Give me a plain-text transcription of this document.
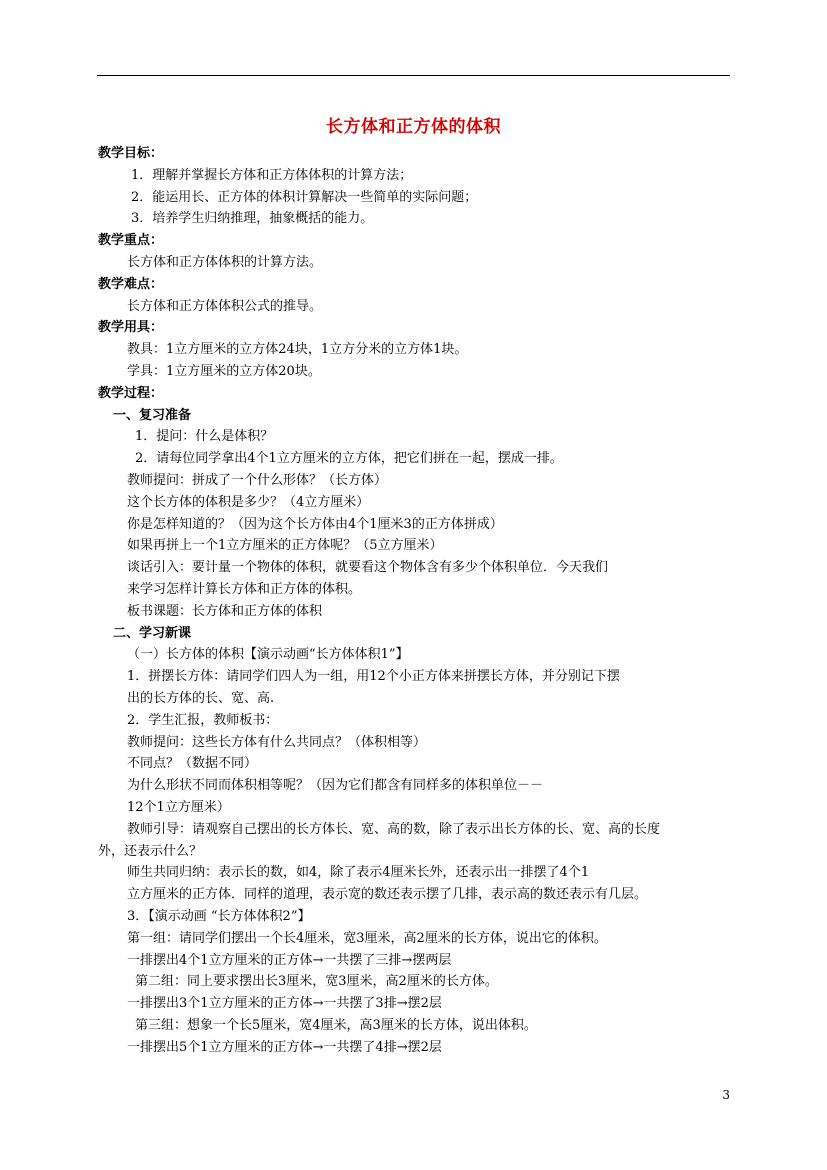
长方体和正方体的体积
教学目标：
1．理解并掌握长方体和正方体体积的计算方法；
2．能运用长、正方体的体积计算解决一些简单的实际问题；
3．培养学生归纳推理，抽象概括的能力。
教学重点：
长方体和正方体体积的计算方法。
教学难点：
长方体和正方体体积公式的推导。
教学用具：
教具：1立方厘米的立方体24块，1立方分米的立方体1块。
学具：1立方厘米的立方体20块。
教学过程：
一、复习准备
1．提问：什么是体积？
2．请每位同学拿出4个1立方厘米的立方体，把它们拼在一起，摆成一排。
教师提问：拼成了一个什么形体？（长方体）
这个长方体的体积是多少？（4立方厘米）
你是怎样知道的？（因为这个长方体由4个1厘米3的正方体拼成）
如果再拼上一个1立方厘米的正方体呢？（5立方厘米）
谈话引入：要计量一个物体的体积，就要看这个物体含有多少个体积单位．今天我们
来学习怎样计算长方体和正方体的体积。
板书课题：长方体和正方体的体积
二、学习新课
（一）长方体的体积【演示动画“长方体体积1”】
1．拼摆长方体：请同学们四人为一组，用12个小正方体来拼摆长方体，并分别记下摆
出的长方体的长、宽、高.
2．学生汇报，教师板书：
教师提问：这些长方体有什么共同点？（体积相等）
不同点？（数据不同）
为什么形状不同而体积相等呢？（因为它们都含有同样多的体积单位－－
12个1立方厘米）
教师引导：请观察自己摆出的长方体长、宽、高的数，除了表示出长方体的长、宽、高的长度
外，还表示什么？
师生共同归纳：表示长的数，如4，除了表示4厘米长外，还表示出一排摆了4个1
立方厘米的正方体．同样的道理，表示宽的数还表示摆了几排，表示高的数还表示有几层。
3．【演示动画 “长方体体积2”】
第一组：请同学们摆出一个长4厘米，宽3厘米，高2厘米的长方体，说出它的体积。
一排摆出4个1立方厘米的正方体→一共摆了三排→摆两层
第二组：同上要求摆出长3厘米，宽3厘米，高2厘米的长方体。
一排摆出3个1立方厘米的正方体→一共摆了3排→摆2层
第三组：想象一个长5厘米，宽4厘米，高3厘米的长方体，说出体积。
一排摆出5个1立方厘米的正方体→一共摆了4排→摆2层
3
